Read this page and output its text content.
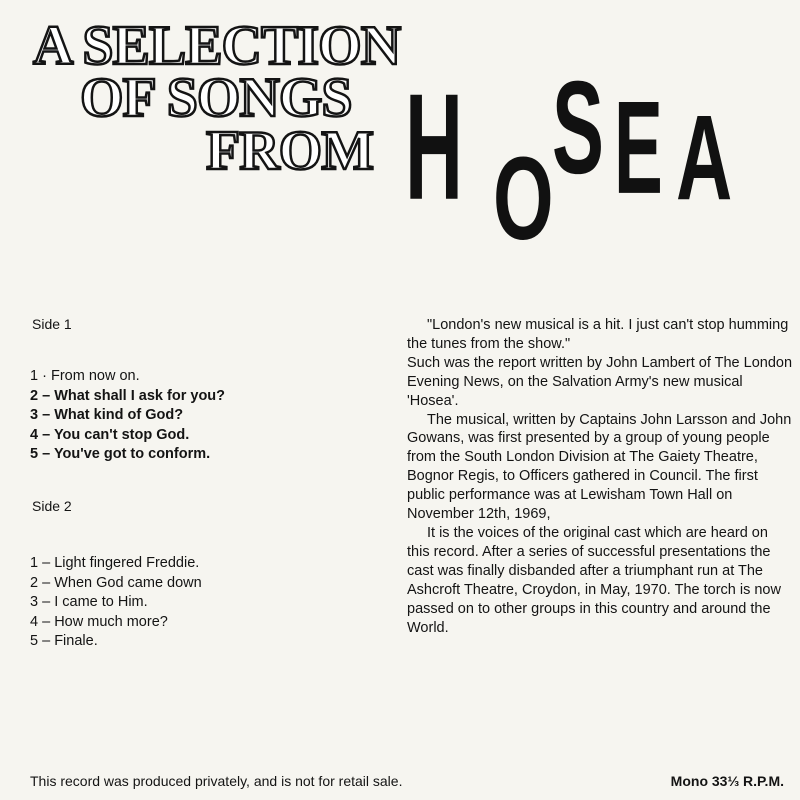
A SELECTION
OF SONGS
FROM H O
S E A
Side 1
1 · From now on.
2 – What shall I ask for you?
3 – What kind of God?
4 – You can't stop God.
5 – You've got to conform.
Side 2
1 – Light fingered Freddie.
2 – When God came down
3 – I came to Him.
4 – How much more?
5 – Finale.

"London's new musical is a hit. I just can't stop humming the tunes from the show."

Such was the report written by John Lambert of The London Evening News, on the Salvation Army's new musical 'Hosea'.

The musical, written by Captains John Larsson and John Gowans, was first presented by a group of young people from the South London Division at The Gaiety Theatre, Bognor Regis, to Officers gathered in Council. The first public performance was at Lewisham Town Hall on November 12th, 1969,

It is the voices of the original cast which are heard on this record. After a series of successful presentations the cast was finally disbanded after a triumphant run at The Ashcroft Theatre, Croydon, in May, 1970. The torch is now passed on to other groups in this country and around the World.

This record was produced privately, and is not for retail sale.	Mono 33⅓ R.P.M.
